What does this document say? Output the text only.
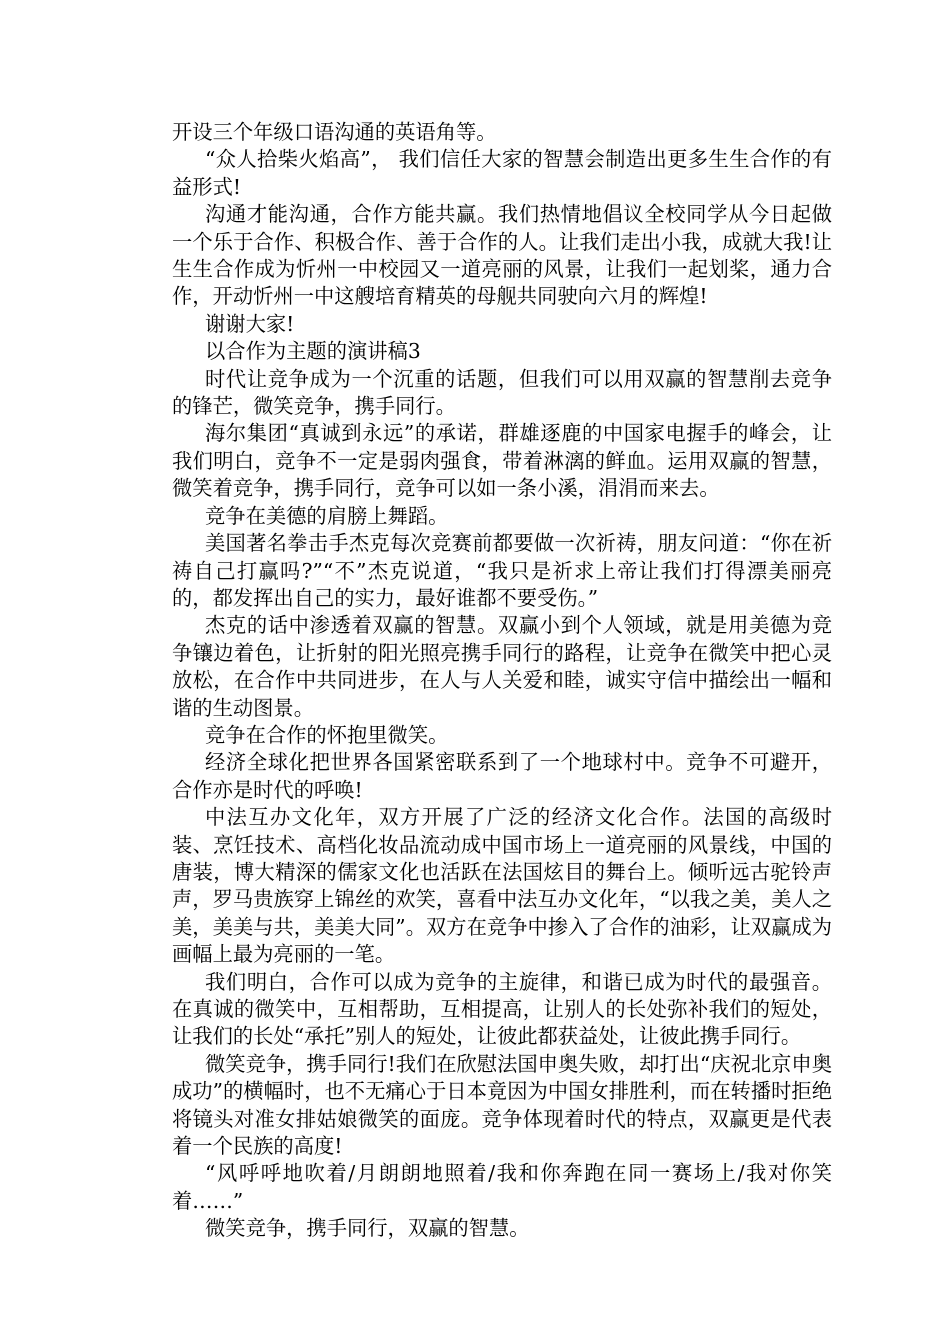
开设三个年级口语沟通的英语角等。

“众人拾柴火焰高”， 我们信任大家的智慧会制造出更多生生合作的有益形式!

沟通才能沟通，合作方能共赢。我们热情地倡议全校同学从今日起做一个乐于合作、积极合作、善于合作的人。让我们走出小我，成就大我!让生生合作成为忻州一中校园又一道亮丽的风景，让我们一起划桨，通力合作，开动忻州一中这艘培育精英的母舰共同驶向六月的辉煌!

谢谢大家!

以合作为主题的演讲稿3

时代让竞争成为一个沉重的话题，但我们可以用双赢的智慧削去竞争的锋芒，微笑竞争，携手同行。

海尔集团“真诚到永远”的承诺，群雄逐鹿的中国家电握手的峰会，让我们明白，竞争不一定是弱肉强食，带着淋漓的鲜血。运用双赢的智慧，微笑着竞争，携手同行，竞争可以如一条小溪，涓涓而来去。

竞争在美德的肩膀上舞蹈。

美国著名拳击手杰克每次竞赛前都要做一次祈祷，朋友问道：“你在祈祷自己打赢吗?”“不”杰克说道，“我只是祈求上帝让我们打得漂美丽亮的，都发挥出自己的实力，最好谁都不要受伤。”

杰克的话中渗透着双赢的智慧。双赢小到个人领域，就是用美德为竞争镶边着色，让折射的阳光照亮携手同行的路程，让竞争在微笑中把心灵放松，在合作中共同进步，在人与人关爱和睦，诚实守信中描绘出一幅和谐的生动图景。

竞争在合作的怀抱里微笑。

经济全球化把世界各国紧密联系到了一个地球村中。竞争不可避开，合作亦是时代的呼唤!

中法互办文化年，双方开展了广泛的经济文化合作。法国的高级时装、烹饪技术、高档化妆品流动成中国市场上一道亮丽的风景线，中国的唐装，博大精深的儒家文化也活跃在法国炫目的舞台上。倾听远古驼铃声声，罗马贵族穿上锦丝的欢笑，喜看中法互办文化年，“以我之美，美人之美，美美与共，美美大同”。双方在竞争中掺入了合作的油彩，让双赢成为画幅上最为亮丽的一笔。

我们明白，合作可以成为竞争的主旋律，和谐已成为时代的最强音。在真诚的微笑中，互相帮助，互相提高，让别人的长处弥补我们的短处，让我们的长处“承托”别人的短处，让彼此都获益处，让彼此携手同行。

微笑竞争，携手同行!我们在欣慰法国申奥失败，却打出“庆祝北京申奥成功”的横幅时，也不无痛心于日本竟因为中国女排胜利，而在转播时拒绝将镜头对准女排姑娘微笑的面庞。竞争体现着时代的特点，双赢更是代表着一个民族的高度!

“风呼呼地吹着/月朗朗地照着/我和你奔跑在同一赛场上/我对你笑着……”

微笑竞争，携手同行，双赢的智慧。
